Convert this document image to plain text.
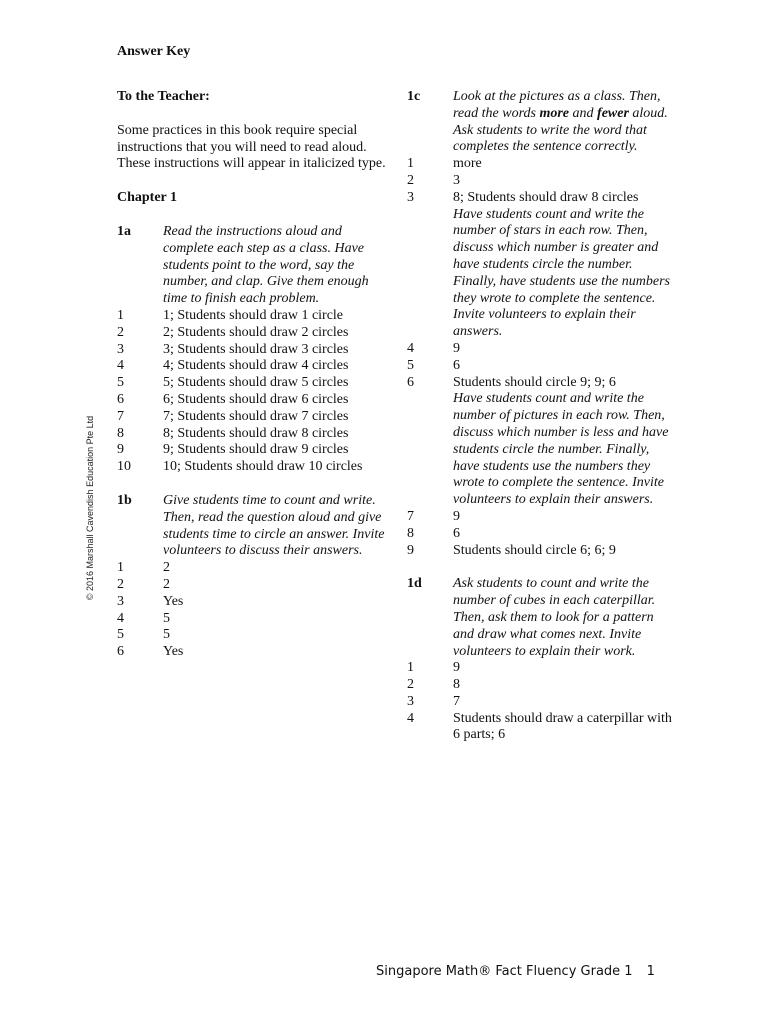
Answer Key
To the Teacher:

Some practices in this book require special instructions that you will need to read aloud. These instructions will appear in italicized type.

Chapter 1
1a	Read the instructions aloud and complete each step as a class. Have students point to the word, say the number, and clap. Give them enough time to finish each problem.
1	1; Students should draw 1 circle
2	2; Students should draw 2 circles
3	3; Students should draw 3 circles
4	4; Students should draw 4 circles
5	5; Students should draw 5 circles
6	6; Students should draw 6 circles
7	7; Students should draw 7 circles
8	8; Students should draw 8 circles
9	9; Students should draw 9 circles
10	10; Students should draw 10 circles
1b	Give students time to count and write. Then, read the question aloud and give students time to circle an answer. Invite volunteers to discuss their answers.
1	2
2	2
3	Yes
4	5
5	5
6	Yes
1c	Look at the pictures as a class. Then, read the words more and fewer aloud. Ask students to write the word that completes the sentence correctly.
1	more
2	3
3	8; Students should draw 8 circles
Have students count and write the number of stars in each row. Then, discuss which number is greater and have students circle the number. Finally, have students use the numbers they wrote to complete the sentence. Invite volunteers to explain their answers.
4	9
5	6
6	Students should circle 9; 9; 6
Have students count and write the number of pictures in each row. Then, discuss which number is less and have students circle the number. Finally, have students use the numbers they wrote to complete the sentence. Invite volunteers to explain their answers.
7	9
8	6
9	Students should circle 6; 6; 9
1d	Ask students to count and write the number of cubes in each caterpillar. Then, ask them to look for a pattern and draw what comes next. Invite volunteers to explain their work.
1	9
2	8
3	7
4	Students should draw a caterpillar with 6 parts; 6
© 2016 Marshall Cavendish Education Pte Ltd
Singapore Math® Fact Fluency Grade 1 1
